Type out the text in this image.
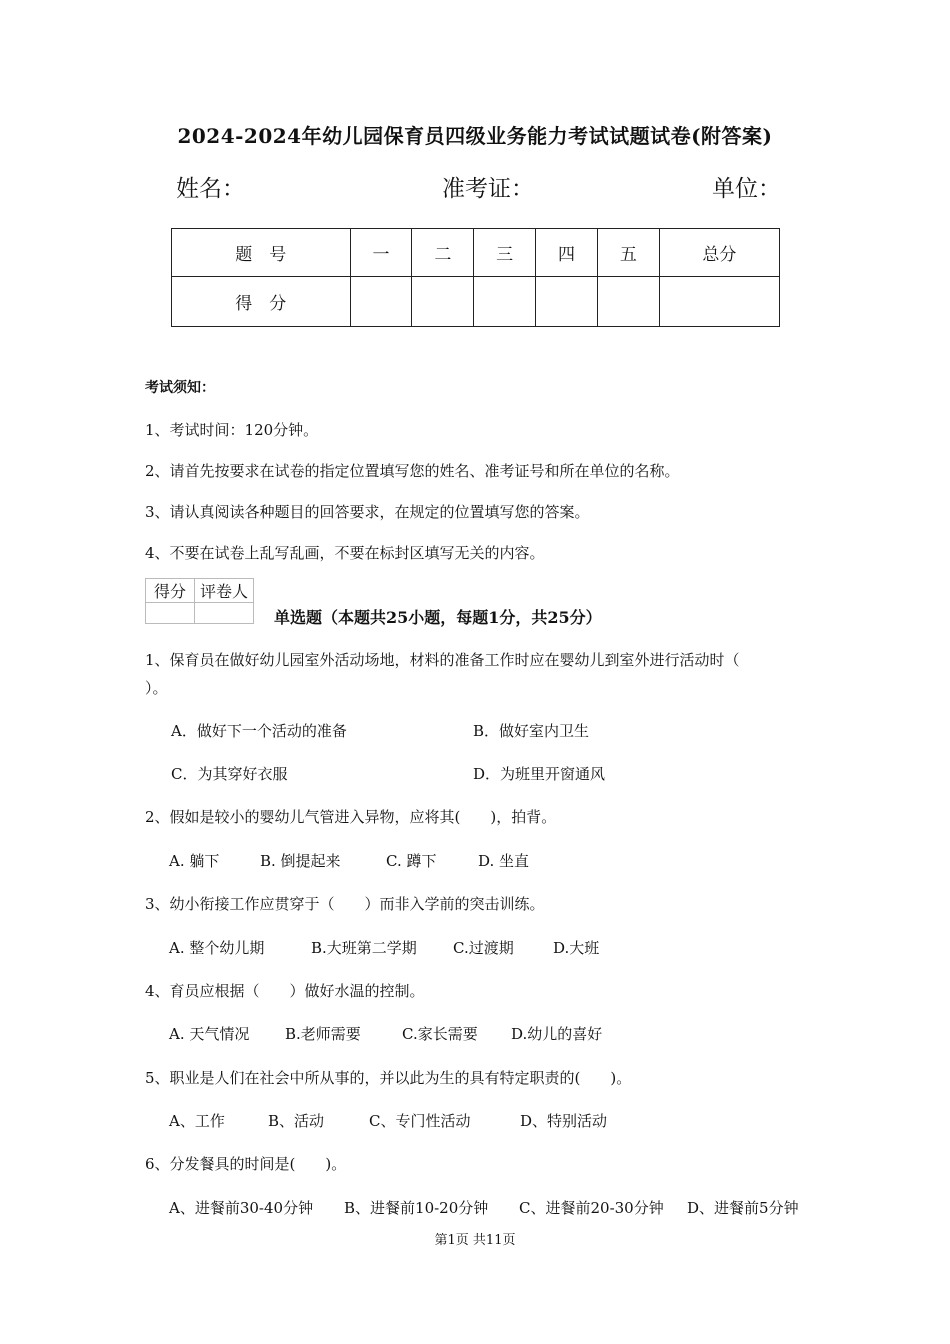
2024-2024年幼儿园保育员四级业务能力考试试题试卷(附答案)
姓名：	准考证：	单位：
题　号	一	二	三	四	五	总分
得　分						
考试须知：
1、考试时间：120分钟。
2、请首先按要求在试卷的指定位置填写您的姓名、准考证号和所在单位的名称。
3、请认真阅读各种题目的回答要求，在规定的位置填写您的答案。
4、不要在试卷上乱写乱画，不要在标封区填写无关的内容。
得分	评卷人

单选题（本题共25小题，每题1分，共25分）
1、保育员在做好幼儿园室外活动场地，材料的准备工作时应在婴幼儿到室外进行活动时（
）。
A．做好下一个活动的准备	B．做好室内卫生
C．为其穿好衣服	D．为班里开窗通风
2、假如是较小的婴幼儿气管进入异物，应将其(　　)，拍背。
A. 躺下	B. 倒提起来	C. 蹲下	D. 坐直
3、幼小衔接工作应贯穿于（　　）而非入学前的突击训练。
A. 整个幼儿期	B.大班第二学期 C.过渡期	D.大班
4、育员应根据（　　）做好水温的控制。
A. 天气情况 B.老师需要	C.家长需要 D.幼儿的喜好
5、职业是人们在社会中所从事的，并以此为生的具有特定职责的(　　)。
A、工作	B、活动	C、专门性活动	D、特别活动
6、分发餐具的时间是(　　)。
A、进餐前30-40分钟 B、进餐前10-20分钟 C、进餐前20-30分钟 D、进餐前5分钟
第1页 共11页
